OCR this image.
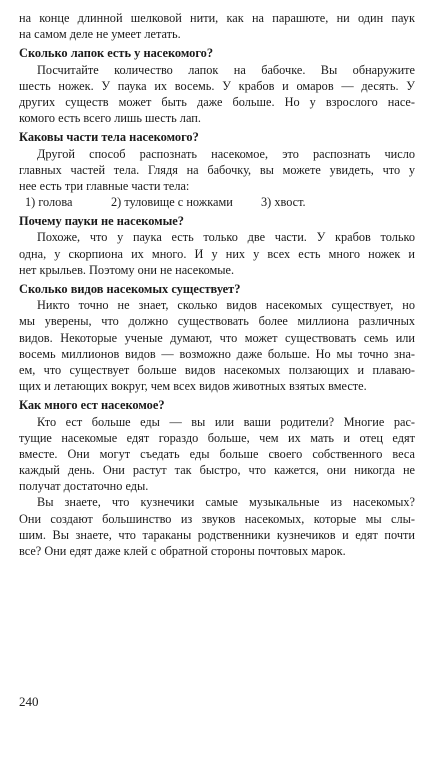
на конце длинной шелковой нити, как на парашюте, ни один паук
на самом деле не умеет летать.
Сколько лапок есть у насекомого?
Посчитайте количество лапок на бабочке. Вы обнаружите
шесть ножек. У паука их восемь. У крабов и омаров — десять. У
других существ может быть даже больше. Но у взрослого насе-
комого есть всего лишь шесть лап.
Каковы части тела насекомого?
Другой способ распознать насекомое, это распознать число
главных частей тела. Глядя на бабочку, вы можете увидеть, что у
нее есть три главные части тела:
1) голова	2) туловище с ножками	3) хвост.
Почему пауки не насекомые?
Похоже, что у паука есть только две части. У крабов только
одна, у скорпиона их много. И у них у всех есть много ножек и
нет крыльев. Поэтому они не насекомые.
Сколько видов насекомых существует?
Никто точно не знает, сколько видов насекомых существует, но
мы уверены, что должно существовать более миллиона различных
видов. Некоторые ученые думают, что может существовать семь или
восемь миллионов видов — возможно даже больше. Но мы точно зна-
ем, что существует больше видов насекомых ползающих и плаваю-
щих и летающих вокруг, чем всех видов животных взятых вместе.
Как много ест насекомое?
Кто ест больше еды — вы или ваши родители? Многие рас-
тущие насекомые едят гораздо больше, чем их мать и отец едят
вместе. Они могут съедать еды больше своего собственного веса
каждый день. Они растут так быстро, что кажется, они никогда не
получат достаточно еды.
Вы знаете, что кузнечики самые музыкальные из насекомых?
Они создают большинство из звуков насекомых, которые мы слы-
шим. Вы знаете, что тараканы родственники кузнечиков и едят почти
все? Они едят даже клей с обратной стороны почтовых марок.
240
